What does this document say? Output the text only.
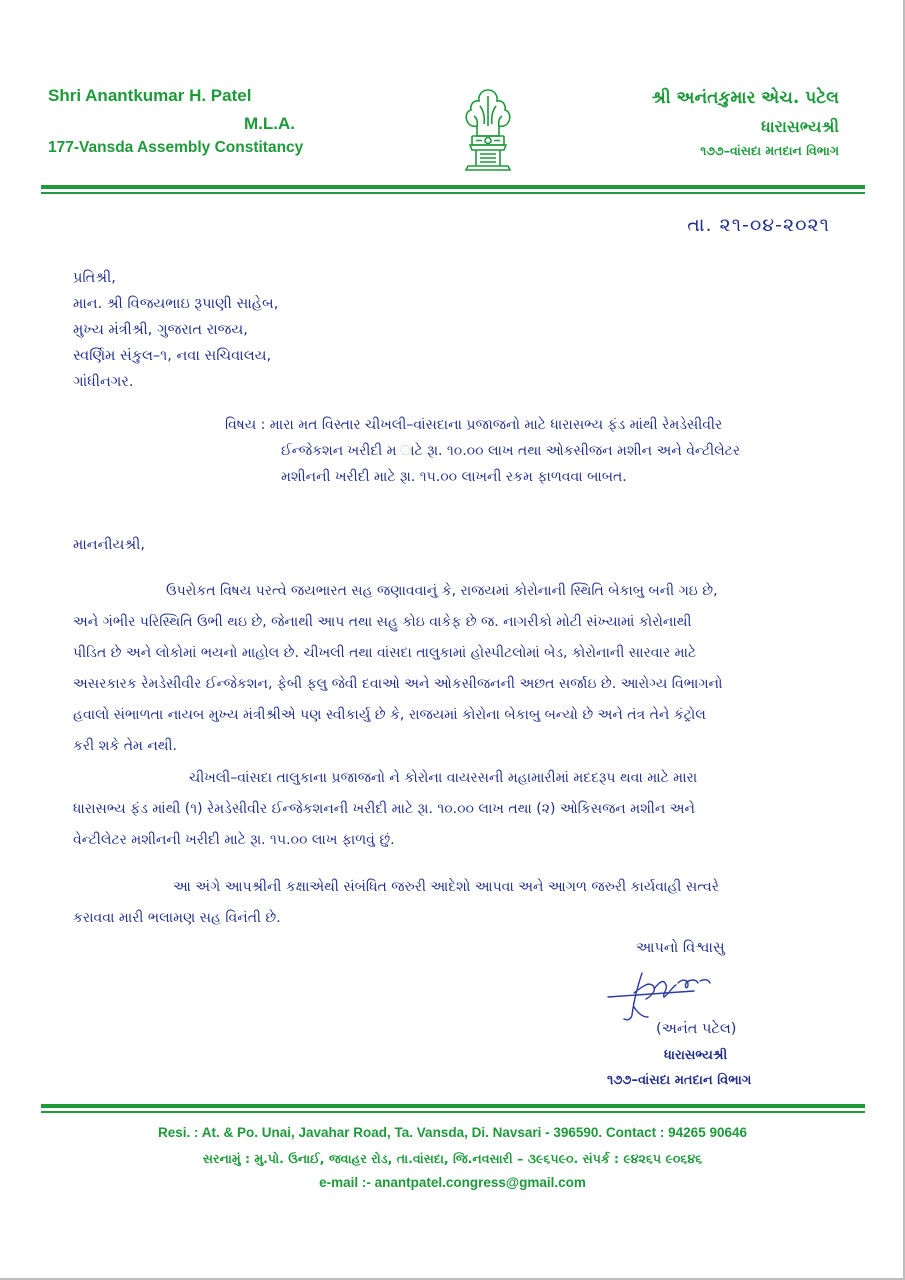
Shri Anantkumar H. Patel

M.L.A.

177-Vansda Assembly Constitancy

શ્રી અનંતકુમાર એચ. પટેલ

ધારાસભ્યશ્રી

૧૭૭–વાંસદા મતદાન વિભાગ

તા. ૨૧-૦૪-૨૦૨૧

પ્રતિશ્રી,
માન. શ્રી વિજયભાઇ રૂપાણી સાહેબ,
મુખ્ય મંત્રીશ્રી, ગુજરાત રાજય,
સ્વર્ણિમ સંકુલ–૧, નવા સચિવાલય,
ગાંધીનગર.
વિષય : મારા મત વિસ્તાર ચીખલી–વાંસદાના પ્રજાજનો માટે ધારાસભ્ય ફંડ માંથી રેમડેસીવીર
ઈન્જેકશન ખરીદી મ ાટે રૂા. ૧૦.૦૦ લાખ તથા ઓકસીજન મશીન અને વેન્ટીલેટર
મશીનની ખરીદી માટે રૂા. ૧૫.૦૦ લાખની રકમ ફાળવવા બાબત.

માનનીયશ્રી,

ઉપરોકત વિષય પરત્વે જયભારત સહ જણાવવાનું કે, રાજયમાં કોરોનાની સ્થિતિ બેકાબુ બની ગઇ છે,
અને ગંભીર પરિસ્થિતિ ઉભી થઇ છે, જેનાથી આપ તથા સહુ કોઇ વાકેફ છે જ. નાગરીકો મોટી સંખ્યામાં કોરોનાથી
પીડિત છે અને લોકોમાં ભયનો માહોલ છે. ચીખલી તથા વાંસદા તાલુકામાં હોસ્પીટલોમાં બેડ, કોરોનાની સારવાર માટે
અસરકારક રેમડેસીવીર ઈન્જેકશન, ફેબી ફલુ જેવી દવાઓ અને ઓકસીજનની અછત સર્જાઇ છે. આરોગ્ય વિભાગનો
હવાલો સંભાળતા નાયબ મુખ્ય મંત્રીશ્રીએ પણ સ્વીકાર્યુ છે કે, રાજયમાં કોરોના બેકાબુ બન્યો છે અને તંત્ર તેને કંટ્રોલ
કરી શકે તેમ નથી.
ચીખલી–વાંસદા તાલુકાના પ્રજાજનો ને કોરોના વાયરસની મહામારીમાં મદદરૂપ થવા માટે મારા
ધારાસભ્ય ફંડ માંથી (૧) રેમડેસીવીર ઈન્જેકશનની ખરીદી માટે રૂા. ૧૦.૦૦ લાખ તથા (૨) ઓકિસજન મશીન અને
વેન્ટીલેટર મશીનની ખરીદી માટે રૂા. ૧૫.૦૦ લાખ ફાળવું છું.
આ અંગે આપશ્રીની કક્ષાએથી સંબંધિત જરુરી આદેશો આપવા અને આગળ જરુરી કાર્યવાહી સત્વરે
કરાવવા મારી ભલામણ સહ વિનંતી છે.

આપનો વિશ્વાસુ

(અનંત પટેલ)

ધારાસભ્યશ્રી

૧૭૭–વાંસદા મતદાન વિભાગ

Resi. : At. & Po. Unai, Javahar Road, Ta. Vansda, Di. Navsari - 396590. Contact : 94265 90646

સરનામું : મુ.પો. ઉનાઈ, જવાહર રોડ, તા.વાંસદા, જિ.નવસારી – ૩૯૬૫૯૦. સંપર્ક : ૯૪૨૬૫ ૯૦૬૪૬

e-mail :- anantpatel.congress@gmail.com
